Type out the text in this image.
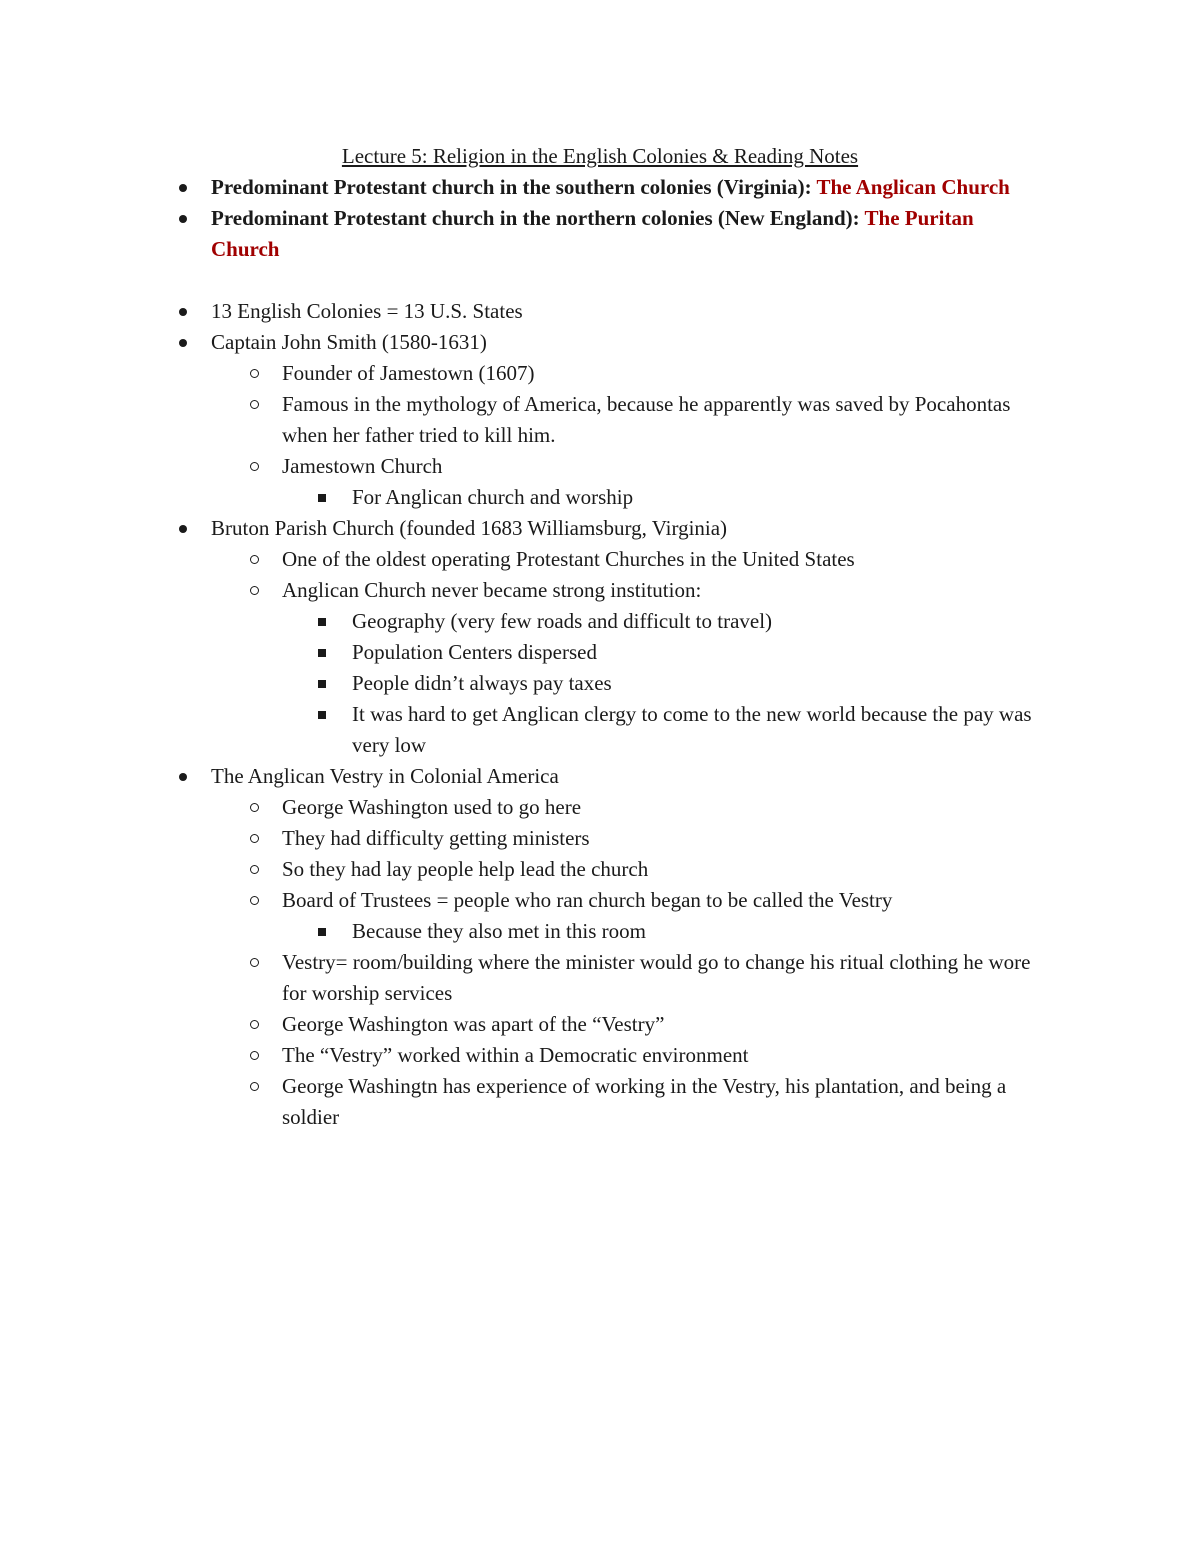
Lecture 5: Religion in the English Colonies & Reading Notes
Predominant Protestant church in the southern colonies (Virginia): The Anglican Church
Predominant Protestant church in the northern colonies (New England): The Puritan Church
13 English Colonies = 13 U.S. States
Captain John Smith (1580-1631)
Founder of Jamestown (1607)
Famous in the mythology of America, because he apparently was saved by Pocahontas when her father tried to kill him.
Jamestown Church
For Anglican church and worship
Bruton Parish Church (founded 1683 Williamsburg, Virginia)
One of the oldest operating Protestant Churches in the United States
Anglican Church never became strong institution:
Geography (very few roads and difficult to travel)
Population Centers dispersed
People didn’t always pay taxes
It was hard to get Anglican clergy to come to the new world because the pay was very low
The Anglican Vestry in Colonial America
George Washington used to go here
They had difficulty getting ministers
So they had lay people help lead the church
Board of Trustees = people who ran church began to be called the Vestry
Because they also met in this room
Vestry= room/building where the minister would go to change his ritual clothing he wore for worship services
George Washington was apart of the “Vestry”
The “Vestry” worked within a Democratic environment
George Washingtn has experience of working in the Vestry, his plantation, and being a soldier
